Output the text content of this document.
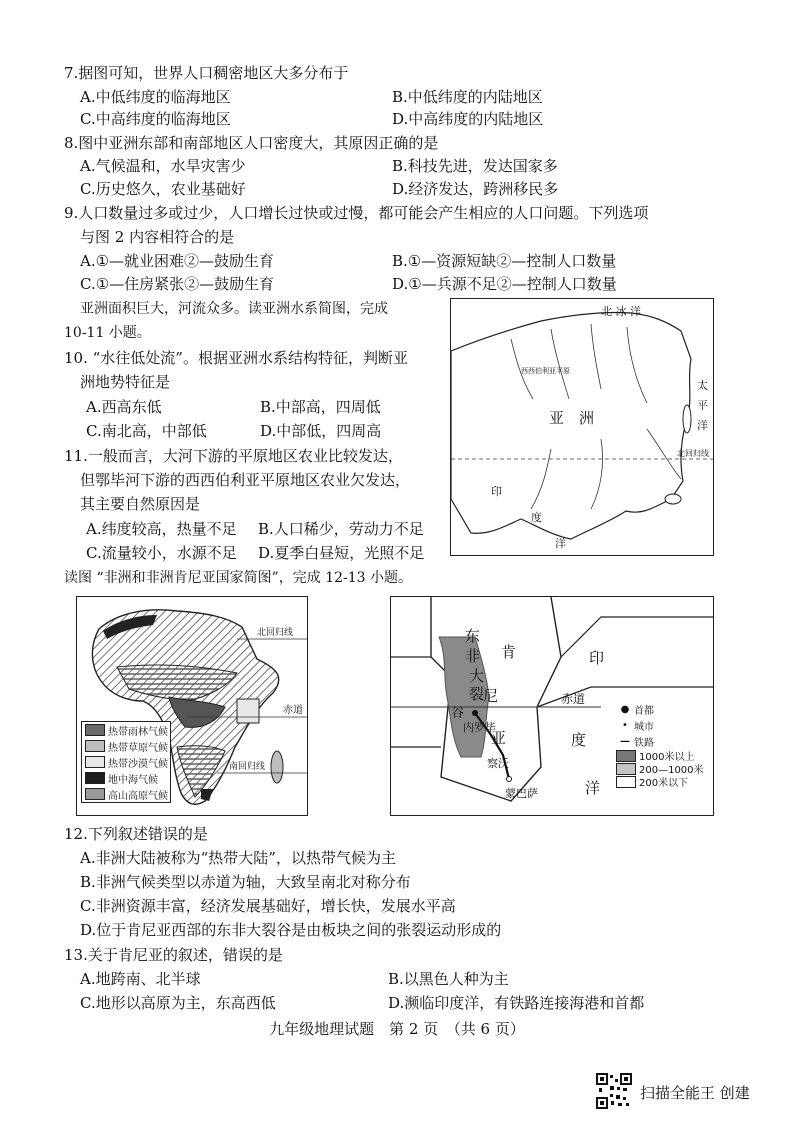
7.据图可知，世界人口稠密地区大多分布于
A.中低纬度的临海地区	B.中低纬度的内陆地区
C.中高纬度的临海地区	D.中高纬度的内陆地区
8.图中亚洲东部和南部地区人口密度大，其原因正确的是
A.气候温和，水旱灾害少	B.科技先进，发达国家多
C.历史悠久，农业基础好	D.经济发达，跨洲移民多
9.人口数量过多或过少，人口增长过快或过慢，都可能会产生相应的人口问题。下列选项
与图 2 内容相符合的是
A.①—就业困难②—鼓励生育	B.①—资源短缺②—控制人口数量
C.①—住房紧张②—鼓励生育	D.①—兵源不足②—控制人口数量
亚洲面积巨大，河流众多。读亚洲水系简图，完成
10-11 小题。
10. “水往低处流”。根据亚洲水系结构特征，判断亚
洲地势特征是
A.西高东低	B.中部高，四周低
C.南北高，中部低	D.中部低，四周高
11.一般而言，大河下游的平原地区农业比较发达，
但鄂毕河下游的西西伯利亚平原地区农业欠发达，
其主要自然原因是
A.纬度较高，热量不足 B.人口稀少，劳动力不足
C.流量较小，水源不足 D.夏季白昼短，光照不足
北 冰 洋
西西伯利亚平原
亚　洲
太
平
洋
北回归线
印
度
洋
读图 “非洲和非洲肯尼亚国家简图”，完成 12-13 小题。
北回归线
赤道
南回归线
热带雨林气候
热带草原气候
热带沙漠气候
地中海气候
高山高原气候
东
非
大
裂
谷
肯
尼
亚
内罗毕
察沃
蒙巴萨
赤道
印
度
洋
● 首都
• 城市
— 铁路
1000米以上
200—1000米
200米以下
12.下列叙述错误的是
A.非洲大陆被称为“热带大陆”，以热带气候为主
B.非洲气候类型以赤道为轴，大致呈南北对称分布
C.非洲资源丰富，经济发展基础好，增长快，发展水平高
D.位于肯尼亚西部的东非大裂谷是由板块之间的张裂运动形成的
13.关于肯尼亚的叙述，错误的是
A.地跨南、北半球	B.以黑色人种为主
C.地形以高原为主，东高西低	D.濒临印度洋，有铁路连接海港和首都
九年级地理试题　第 2 页　（共 6 页）
扫描全能王 创建
